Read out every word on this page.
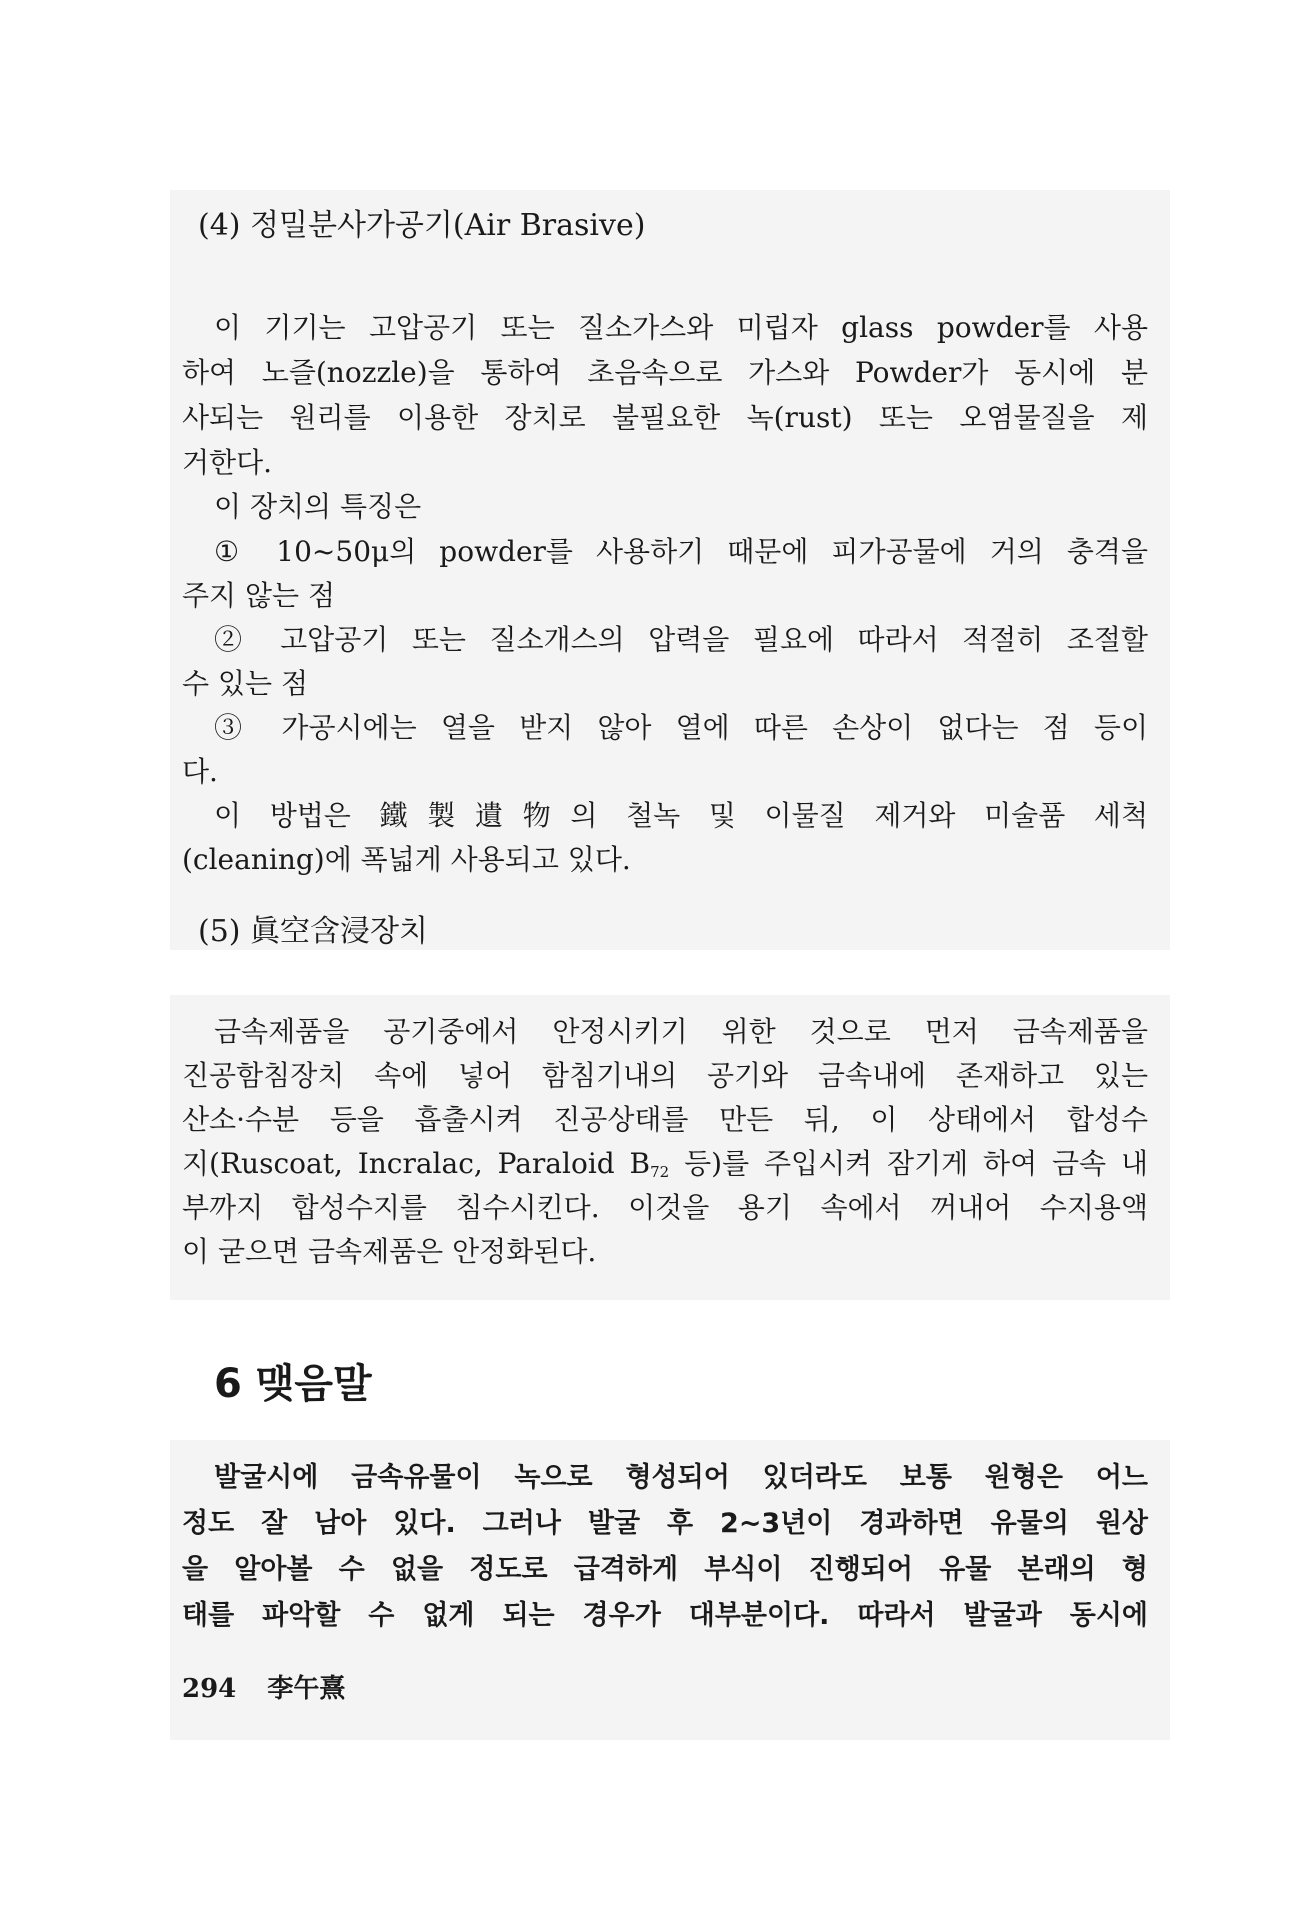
(4) 정밀분사가공기(Air Brasive)
이 기기는 고압공기 또는 질소가스와 미립자 glass powder를 사용
하여 노즐(nozzle)을 통하여 초음속으로 가스와 Powder가 동시에 분
사되는 원리를 이용한 장치로 불필요한 녹(rust) 또는 오염물질을 제
거한다.
이 장치의 특징은
① 10~50μ의 powder를 사용하기 때문에 피가공물에 거의 충격을
주지 않는 점
② 고압공기 또는 질소개스의 압력을 필요에 따라서 적절히 조절할
수 있는 점
③ 가공시에는 열을 받지 않아 열에 따른 손상이 없다는 점 등이
다.
이 방법은 鐵製遺物의 철녹 및 이물질 제거와 미술품 세척
(cleaning)에 폭넓게 사용되고 있다.
(5) 眞空含浸장치
금속제품을 공기중에서 안정시키기 위한 것으로 먼저 금속제품을
진공함침장치 속에 넣어 함침기내의 공기와 금속내에 존재하고 있는
산소·수분 등을 흡출시켜 진공상태를 만든 뒤, 이 상태에서 합성수
지(Ruscoat, Incralac, Paraloid $B_{72}$ 등)를 주입시켜 잠기게 하여 금속 내
부까지 합성수지를 침수시킨다. 이것을 용기 속에서 꺼내어 수지용액
이 굳으면 금속제품은 안정화된다.
6 맺음말
발굴시에 금속유물이 녹으로 형성되어 있더라도 보통 원형은 어느
정도 잘 남아 있다. 그러나 발굴 후 2~3년이 경과하면 유물의 원상
을 알아볼 수 없을 정도로 급격하게 부식이 진행되어 유물 본래의 형
태를 파악할 수 없게 되는 경우가 대부분이다. 따라서 발굴과 동시에
294 李午熹
